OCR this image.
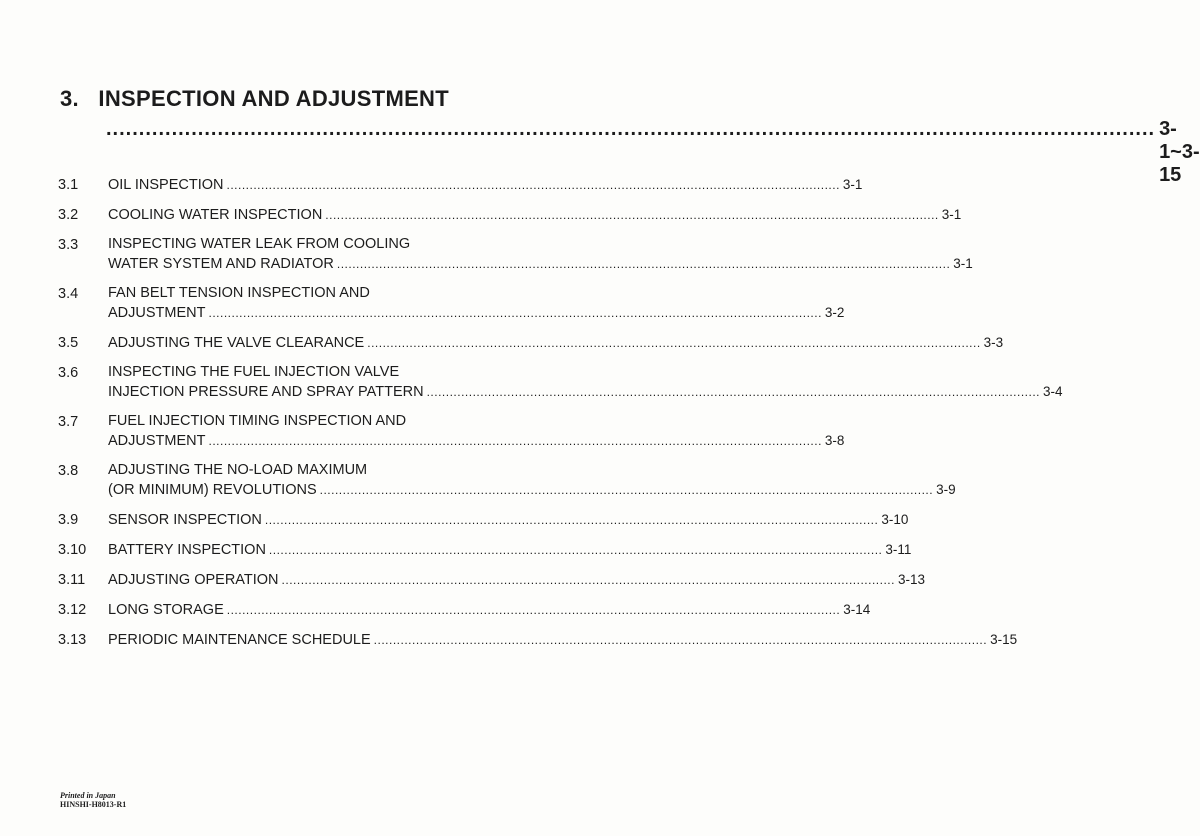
3. INSPECTION AND ADJUSTMENT
.....
3-1~3-15
3.1	OIL INSPECTION .....	3-1
3.2	COOLING WATER INSPECTION .....	3-1
3.3	INSPECTING WATER LEAK FROM COOLING
WATER SYSTEM AND RADIATOR .....	3-1
3.4	FAN BELT TENSION INSPECTION AND
ADJUSTMENT .....	3-2
3.5	ADJUSTING THE VALVE CLEARANCE .....	3-3
3.6	INSPECTING THE FUEL INJECTION VALVE
INJECTION PRESSURE AND SPRAY PATTERN .....	3-4
3.7	FUEL INJECTION TIMING INSPECTION AND
ADJUSTMENT .....	3-8
3.8	ADJUSTING THE NO-LOAD MAXIMUM
(OR MINIMUM) REVOLUTIONS .....	3-9
3.9	SENSOR INSPECTION .....	3-10
3.10	BATTERY INSPECTION .....	3-11
3.11	ADJUSTING OPERATION .....	3-13
3.12	LONG STORAGE .....	3-14
3.13	PERIODIC MAINTENANCE SCHEDULE .....	3-15
Printed in Japan
HINSHI-H8013-R1
